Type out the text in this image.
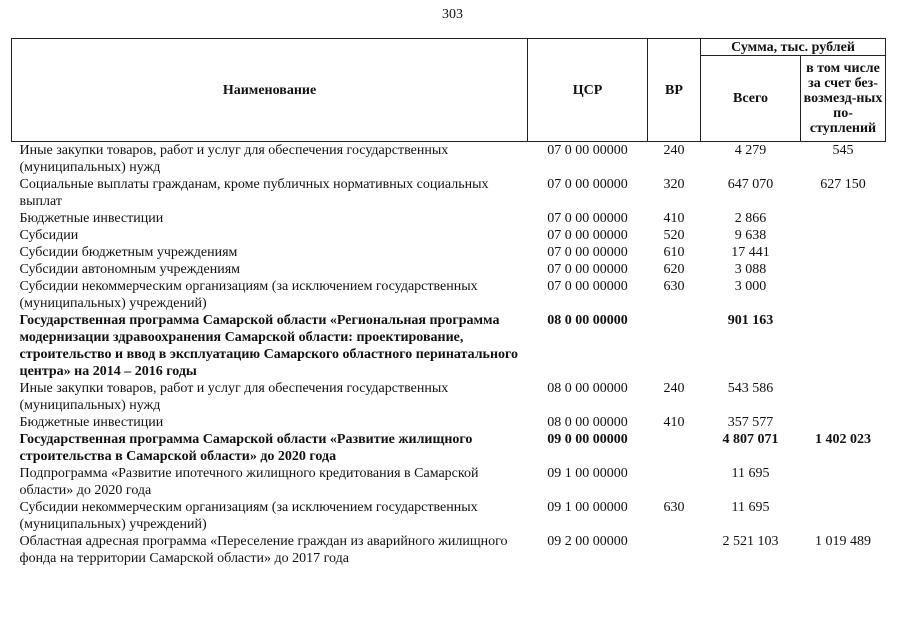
303
Наименование	ЦСР	ВР	Сумма, тыс. рублей	
			Всего	в том числе за счет без-возмезд-ных по-ступлений
Иные закупки товаров, работ и услуг для обеспечения государственных (муниципальных) нужд	07 0 00 00000	240	4 279	545
Социальные выплаты гражданам, кроме публичных нормативных социальных выплат	07 0 00 00000	320	647 070	627 150
Бюджетные инвестиции	07 0 00 00000	410	2 866	
Субсидии	07 0 00 00000	520	9 638	
Субсидии бюджетным учреждениям	07 0 00 00000	610	17 441	
Субсидии автономным учреждениям	07 0 00 00000	620	3 088	
Субсидии некоммерческим организациям (за исключением государственных (муниципальных) учреждений)	07 0 00 00000	630	3 000	
Государственная программа Самарской области «Региональная программа модернизации здравоохранения Самарской области: проектирование, строительство и ввод в эксплуатацию Самарского областного перинатального центра» на 2014 – 2016 годы	08 0 00 00000		901 163	
Иные закупки товаров, работ и услуг для обеспечения государственных (муниципальных) нужд	08 0 00 00000	240	543 586	
Бюджетные инвестиции	08 0 00 00000	410	357 577	
Государственная программа Самарской области «Развитие жилищного строительства в Самарской области» до 2020 года	09 0 00 00000		4 807 071	1 402 023
Подпрограмма «Развитие ипотечного жилищного кредитования в Самарской области» до 2020 года	09 1 00 00000		11 695	
Субсидии некоммерческим организациям (за исключением государственных (муниципальных) учреждений)	09 1 00 00000	630	11 695	
Областная адресная программа «Переселение граждан из аварийного жилищного фонда на территории Самарской области» до 2017 года	09 2 00 00000		2 521 103	1 019 489
